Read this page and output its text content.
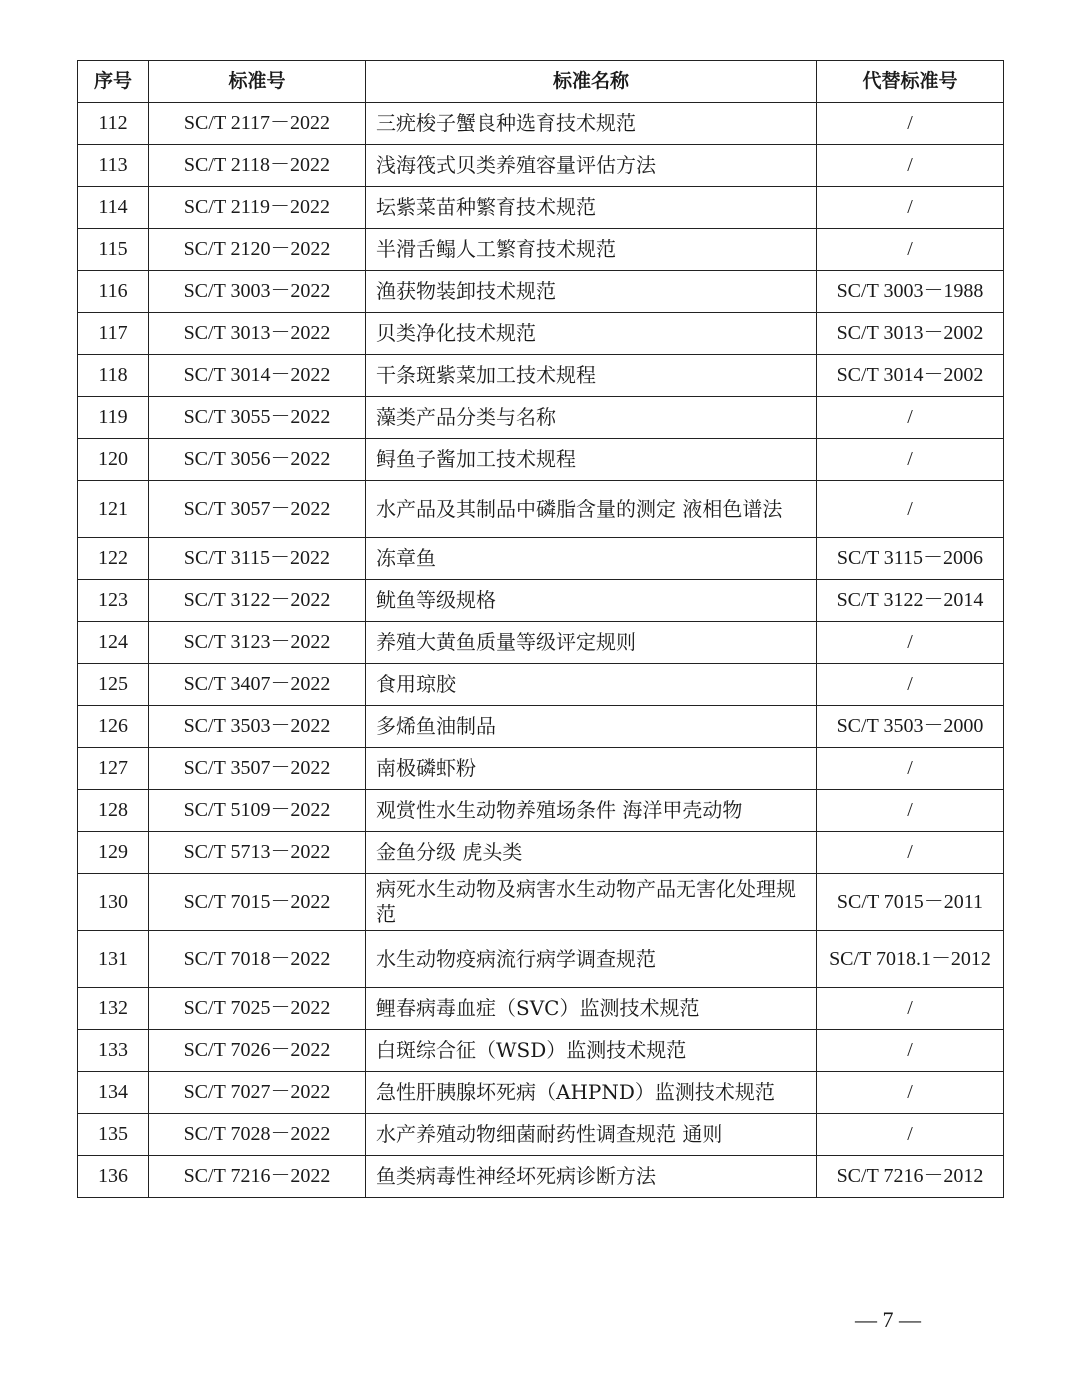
序号	标准号	标准名称	代替标准号
112	SC/T 2117－2022	三疣梭子蟹良种选育技术规范	/
113	SC/T 2118－2022	浅海筏式贝类养殖容量评估方法	/
114	SC/T 2119－2022	坛紫菜苗种繁育技术规范	/
115	SC/T 2120－2022	半滑舌鳎人工繁育技术规范	/
116	SC/T 3003－2022	渔获物装卸技术规范	SC/T 3003－1988
117	SC/T 3013－2022	贝类净化技术规范	SC/T 3013－2002
118	SC/T 3014－2022	干条斑紫菜加工技术规程	SC/T 3014－2002
119	SC/T 3055－2022	藻类产品分类与名称	/
120	SC/T 3056－2022	鲟鱼子酱加工技术规程	/
121	SC/T 3057－2022	水产品及其制品中磷脂含量的测定 液相色谱法	/
122	SC/T 3115－2022	冻章鱼	SC/T 3115－2006
123	SC/T 3122－2022	鱿鱼等级规格	SC/T 3122－2014
124	SC/T 3123－2022	养殖大黄鱼质量等级评定规则	/
125	SC/T 3407－2022	食用琼胶	/
126	SC/T 3503－2022	多烯鱼油制品	SC/T 3503－2000
127	SC/T 3507－2022	南极磷虾粉	/
128	SC/T 5109－2022	观赏性水生动物养殖场条件 海洋甲壳动物	/
129	SC/T 5713－2022	金鱼分级 虎头类	/
130	SC/T 7015－2022	病死水生动物及病害水生动物产品无害化处理规范	SC/T 7015－2011
131	SC/T 7018－2022	水生动物疫病流行病学调查规范	SC/T 7018.1－2012
132	SC/T 7025－2022	鲤春病毒血症（SVC）监测技术规范	/
133	SC/T 7026－2022	白斑综合征（WSD）监测技术规范	/
134	SC/T 7027－2022	急性肝胰腺坏死病（AHPND）监测技术规范	/
135	SC/T 7028－2022	水产养殖动物细菌耐药性调查规范 通则	/
136	SC/T 7216－2022	鱼类病毒性神经坏死病诊断方法	SC/T 7216－2012
— 7 —
